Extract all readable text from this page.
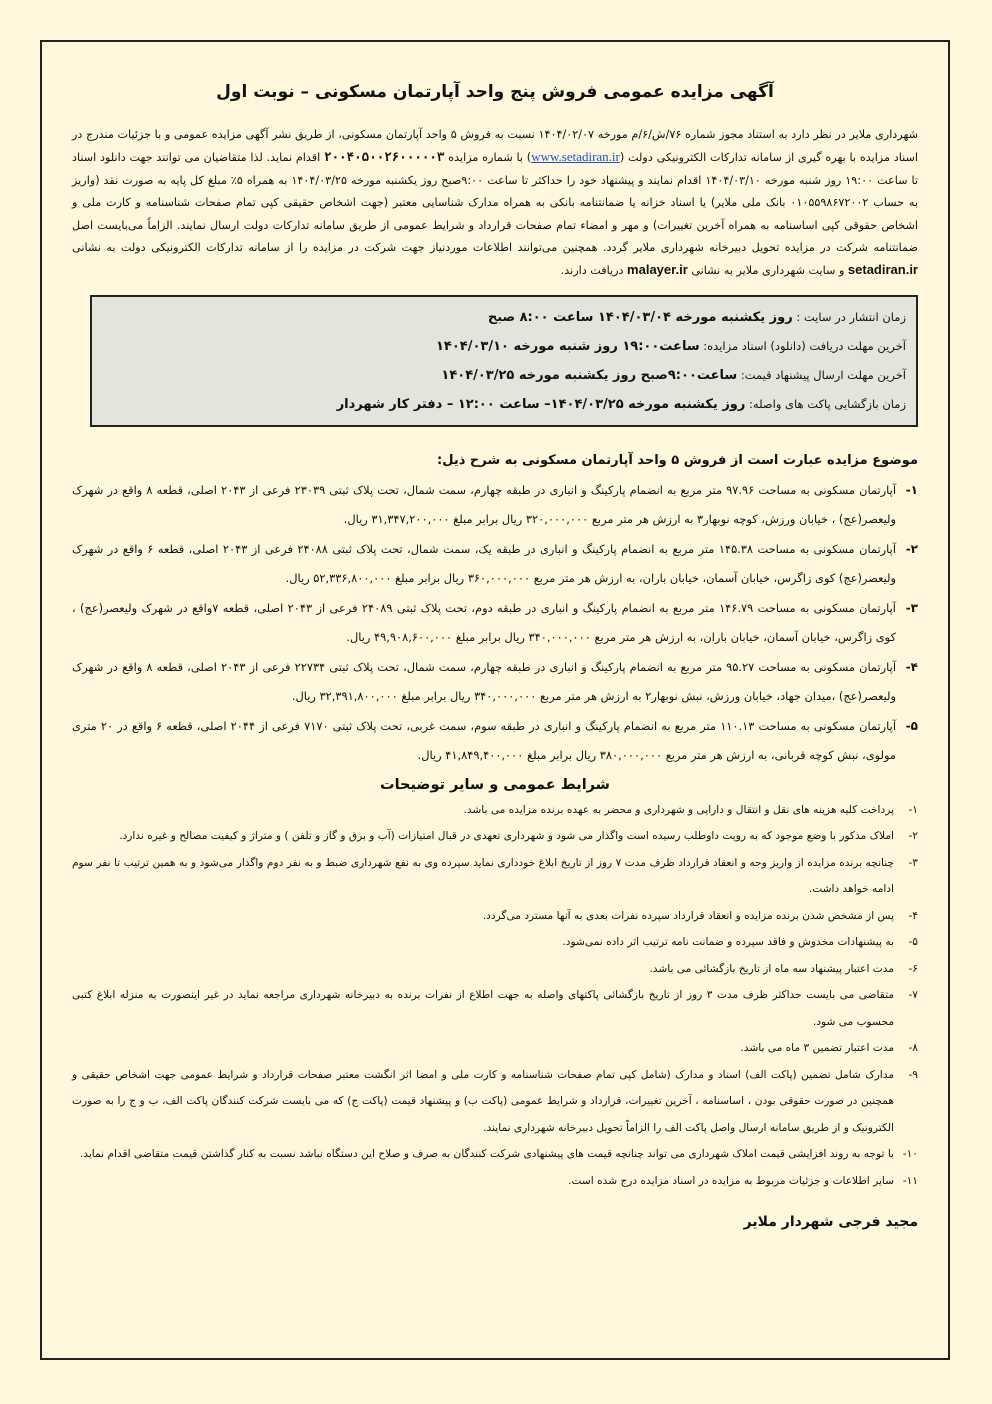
آگهی مزایده عمومی فروش پنج واحد آپارتمان مسکونی – نوبت اول
شهرداری ملایر در نظر دارد به استناد مجوز شماره ۷۶/ش/۶/م مورخه ۱۴۰۴/۰۲/۰۷ نسبت به فروش ۵ واحد آپارتمان مسکونی، از طریق نشر آگهی مزایده عمومی و با جزئیات مندرج در اسناد مزایده با بهره گیری از سامانه تدارکات الکترونیکی دولت (www.setadiran.ir) با شماره مزایده ۲۰۰۴۰۵۰۰۲۶۰۰۰۰۰۳ اقدام نماید. لذا متقاضیان می توانند جهت دانلود اسناد تا ساعت ۱۹:۰۰ روز شنبه مورخه ۱۴۰۴/۰۳/۱۰ اقدام نمایند و پیشنهاد خود را حداکثر تا ساعت ۹:۰۰صبح روز یکشنبه مورخه ۱۴۰۴/۰۳/۲۵ به همراه ۵٪ مبلغ کل پایه به صورت نقد (واریز به حساب ۰۱۰۵۵۹۸۶۷۲۰۰۲ بانک ملی ملایر) یا اسناد خزانه یا ضمانتنامه بانکی به همراه مدارک شناسایی معتبر (جهت اشخاص حقیقی کپی تمام صفحات شناسنامه و کارت ملی و اشخاص حقوقی کپی اساسنامه به همراه آخرین تغییرات) و مهر و امضاء تمام صفحات قرارداد و شرایط عمومی از طریق سامانه تدارکات دولت ارسال نمایند. الزاماً می‌بایست اصل ضمانتنامه شرکت در مزایده تحویل دبیرخانه شهرداری ملایر گردد. همچنین می‌توانند اطلاعات موردنیاز جهت شرکت در مزایده را از سامانه تدارکات الکترونیکی دولت به نشانی setadiran.ir و سایت شهرداری ملایر به نشانی malayer.ir دریافت دارند.
زمان انتشار در سایت : روز یکشنبه مورخه ۱۴۰۴/۰۳/۰۴ ساعت ۸:۰۰ صبح
آخرین مهلت دریافت (دانلود) اسناد مزایده: ساعت۱۹:۰۰ روز شنبه مورخه ۱۴۰۴/۰۳/۱۰
آخرین مهلت ارسال پیشنهاد قیمت: ساعت۹:۰۰صبح روز یکشنبه مورخه ۱۴۰۴/۰۳/۲۵
زمان بازگشایی پاکت های واصله: روز یکشنبه مورخه ۱۴۰۴/۰۳/۲۵– ساعت ۱۲:۰۰ – دفتر کار شهردار
موضوع مزایده عبارت است از فروش ۵ واحد آپارتمان مسکونی به شرح ذیل:
۱-
آپارتمان مسکونی به مساحت ۹۷.۹۶ متر مربع به انضمام پارکینگ و انباری در طبقه چهارم، سمت شمال، تحت پلاک ثبتی ۲۳۰۳۹ فرعی از ۲۰۴۳ اصلی، قطعه ۸ واقع در شهرک ولیعصر(عج) ، خیابان ورزش، کوچه نوبهار۳ به ارزش هر متر مربع ۳۲۰,۰۰۰,۰۰۰ ریال برابر مبلغ ۳۱,۳۴۷,۲۰۰,۰۰۰ ریال.
۲-
آپارتمان مسکونی به مساحت ۱۴۵.۳۸ متر مربع به انضمام پارکینگ و انباری در طبقه یک، سمت شمال، تحت پلاک ثبتی ۲۴۰۸۸ فرعی از ۲۰۴۳ اصلی، قطعه ۶ واقع در شهرک ولیعصر(عج) کوی زاگرس، خیابان آسمان، خیابان باران، به ارزش هر متر مربع ۳۶۰,۰۰۰,۰۰۰ ریال برابر مبلغ ۵۲,۳۳۶,۸۰۰,۰۰۰ ریال.
۳-
آپارتمان مسکونی به مساحت ۱۴۶.۷۹ متر مربع به انضمام پارکینگ و انباری در طبقه دوم، تحت پلاک ثبتی ۲۴۰۸۹ فرعی از ۲۰۴۳ اصلی، قطعه ۷واقع در شهرک ولیعصر(عج) ، کوی زاگرس، خیابان آسمان، خیابان باران، به ارزش هر متر مربع ۳۴۰,۰۰۰,۰۰۰ ریال برابر مبلغ ۴۹,۹۰۸,۶۰۰,۰۰۰ ریال.
۴-
آپارتمان مسکونی به مساحت ۹۵.۲۷ متر مربع به انضمام پارکینگ و انباری در طبقه چهارم، سمت شمال، تحت پلاک ثبتی ۲۲۷۳۴ فرعی از ۲۰۴۳ اصلی، قطعه ۸ واقع در شهرک ولیعصر(عج) ،میدان جهاد، خیابان ورزش، نبش نوبهار۲ به ارزش هر متر مربع ۳۴۰,۰۰۰,۰۰۰ ریال برابر مبلغ ۳۲,۳۹۱,۸۰۰,۰۰۰ ریال.
۵-
آپارتمان مسکونی به مساحت ۱۱۰.۱۳ متر مربع به انضمام پارکینگ و انباری در طبقه سوم، سمت غربی، تحت پلاک ثبتی ۷۱۷۰ فرعی از ۲۰۴۴ اصلی، قطعه ۶ واقع در ۲۰ متری مولوی، نبش کوچه قربانی، به ارزش هر متر مربع ۳۸۰,۰۰۰,۰۰۰ ریال برابر مبلغ ۴۱,۸۴۹,۴۰۰,۰۰۰ ریال.
شرایط عمومی و سایر توضیحات
۱-
پرداخت کلیه هزینه های نقل و انتقال و دارایی و شهرداری و محضر به عهده برنده مزایده می باشد.
۲-
املاک مذکور با وضع موجود که به رویت داوطلب رسیده است واگذار می شود و شهرداری تعهدی در قبال امتیازات (آب و برق و گاز و تلفن ) و متراژ و کیفیت مصالح و غیره ندارد.
۳-
چنانچه برنده مزایده از واریز وجه و انعقاد قرارداد ظرف مدت ۷ روز از تاریخ ابلاغ خودداری نماید سپرده وی به نفع شهرداری ضبط و به نفر دوم واگذار می‌شود و به همین ترتیب تا نفر سوم ادامه خواهد داشت.
۴-
پس از مشخص شدن برنده مزایده و انعقاد قرارداد سپرده نفرات بعدی به آنها مسترد می‌گردد.
۵-
به پیشنهادات مخدوش و فاقد سپرده و ضمانت نامه ترتیب اثر داده نمی‌شود.
۶-
مدت اعتبار پیشنهاد سه ماه از تاریخ بازگشائی می باشد.
۷-
متقاضی می بایست حداکثر ظرف مدت ۳ روز از تاریخ بازگشائی پاکتهای واصله به جهت اطلاع از نفرات برنده به دبیرخانه شهرداری مراجعه نماید در غیر اینصورت به منزله ابلاغ کتبی محسوب می شود.
۸-
مدت اعتبار تضمین ۳ ماه می باشد.
۹-
مدارک شامل تضمین (پاکت الف) اسناد و مدارک (شامل کپی تمام صفحات شناسنامه و کارت ملی و امضا اثر انگشت معتبر صفحات قرارداد و شرایط عمومی جهت اشخاص حقیقی و همچنین در صورت حقوقی بودن ، اساسنامه ، آخرین تغییرات، قرارداد و شرایط عمومی (پاکت ب) و پیشنهاد قیمت (پاکت ج) که می بایست شرکت کنندگان پاکت الف، ب و ج را به صورت الکترونیک و از طریق سامانه ارسال واصل پاکت الف را الزاماً تحویل دبیرخانه شهرداری نمایند.
۱۰-
با توجه به روند افزایشی قیمت املاک شهرداری می تواند چنانچه قیمت های پیشنهادی شرکت کنندگان به صرف و صلاح این دستگاه نباشد نسبت به کنار گذاشتن قیمت متقاضی اقدام نماید.
۱۱-
سایر اطلاعات و جزئیات مربوط به مزایده در اسناد مزایده درج شده است.
مجید فرجی شهردار ملایر
